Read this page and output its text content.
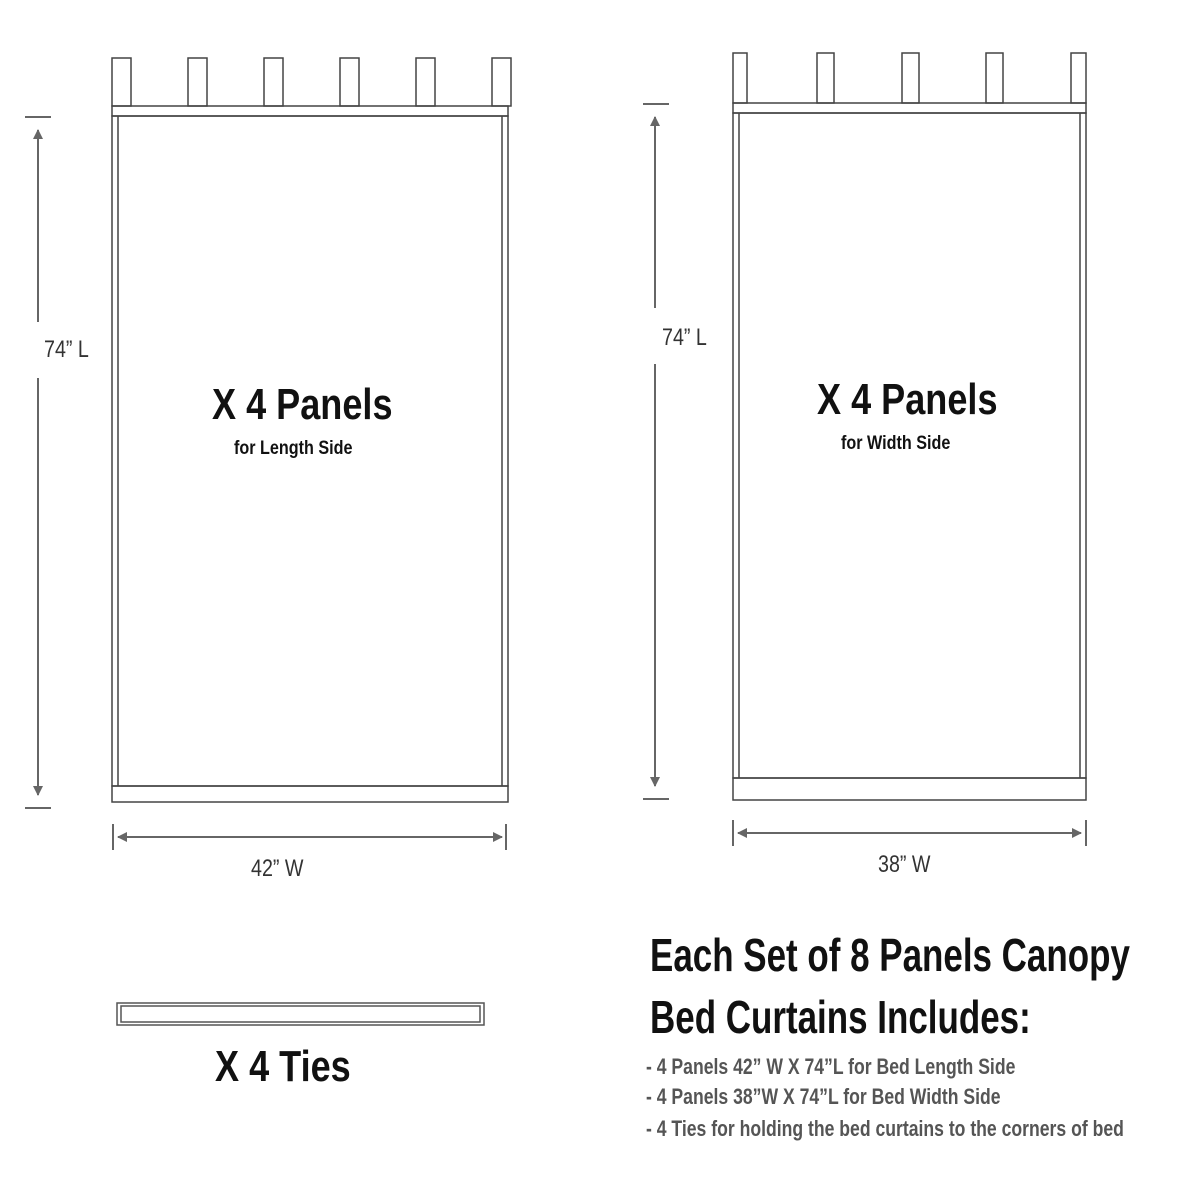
74” L
42” W
74” L
38” W
X 4 Panels
for Length Side
X 4 Panels
for Width Side
X 4 Ties
Each Set of 8 Panels Canopy
Bed Curtains Includes:
- 4 Panels 42” W X 74”L for Bed Length Side
- 4 Panels 38”W X 74”L for Bed Width Side
- 4 Ties for holding the bed curtains to the corners of bed
